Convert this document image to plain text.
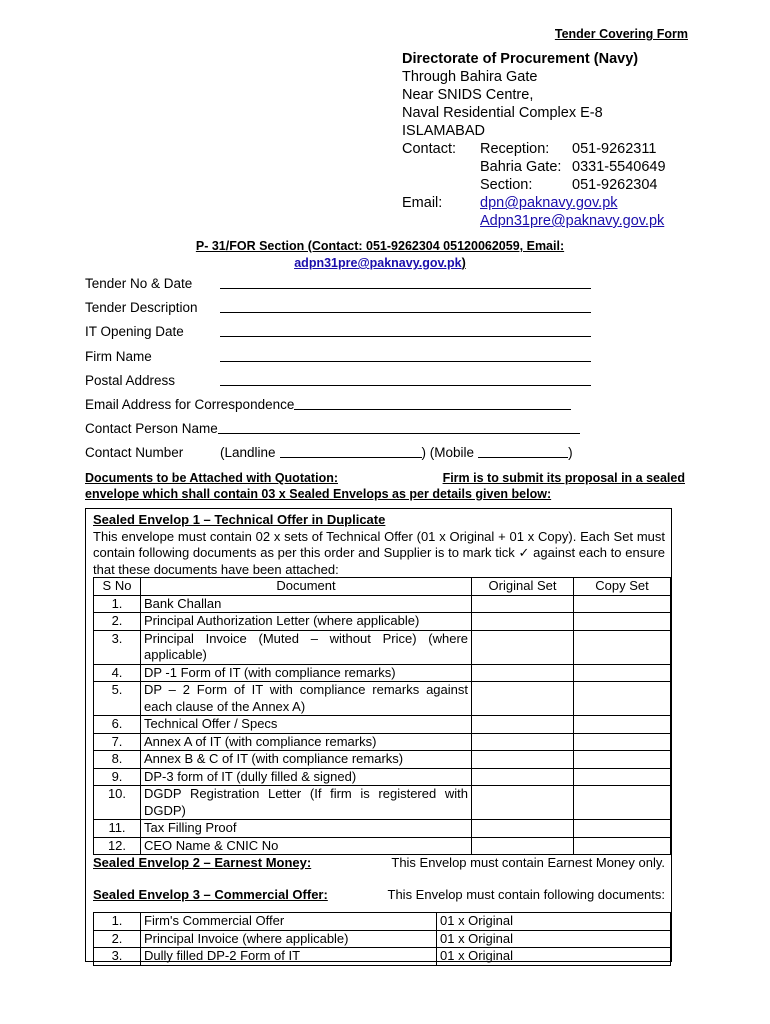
Tender Covering Form
Directorate of Procurement (Navy)
Through Bahira Gate
Near SNIDS Centre,
Naval Residential Complex E-8
ISLAMABAD
Contact:	Reception:	051-9262311
Bahria Gate: 0331-5540649
Section:	051-9262304
Email:	dpn@paknavy.gov.pk
Adpn31pre@paknavy.gov.pk
P- 31/FOR Section (Contact: 051-9262304 05120062059, Email:
adpn31pre@paknavy.gov.pk)
Tender No & Date
Tender Description
IT Opening Date
Firm Name
Postal Address
Email Address for Correspondence
Contact Person Name
Contact Number	(Landline	) (Mobile	)
Documents to be Attached with Quotation:	Firm is to submit its proposal in a sealed
envelope which shall contain 03 x Sealed Envelops as per details given below:
Sealed Envelop 1 – Technical Offer in Duplicate
This envelope must contain 02 x sets of Technical Offer (01 x Original + 01 x Copy). Each Set must contain following documents as per this order and Supplier is to mark tick ✓ against each to ensure that these documents have been attached:
S No	Document	Original Set	Copy Set
1.	Bank Challan		
2.	Principal Authorization Letter (where applicable)		
3.	Principal Invoice (Muted – without Price) (where applicable)		
4.	DP -1 Form of IT (with compliance remarks)		
5.	DP – 2 Form of IT with compliance remarks against each clause of the Annex A)		
6.	Technical Offer / Specs		
7.	Annex A of IT (with compliance remarks)		
8.	Annex B & C of IT (with compliance remarks)		
9.	DP-3 form of IT (dully filled & signed)		
10.	DGDP Registration Letter (If firm is registered with DGDP)		
11.	Tax Filling Proof		
12.	CEO Name & CNIC No		
Sealed Envelop 2 – Earnest Money:	This Envelop must contain Earnest Money only.
Sealed Envelop 3 – Commercial Offer:	This Envelop must contain following documents:
1.	Firm's Commercial Offer	01 x Original
2.	Principal Invoice (where applicable)	01 x Original
3.	Dully filled DP-2 Form of IT	01 x Original
